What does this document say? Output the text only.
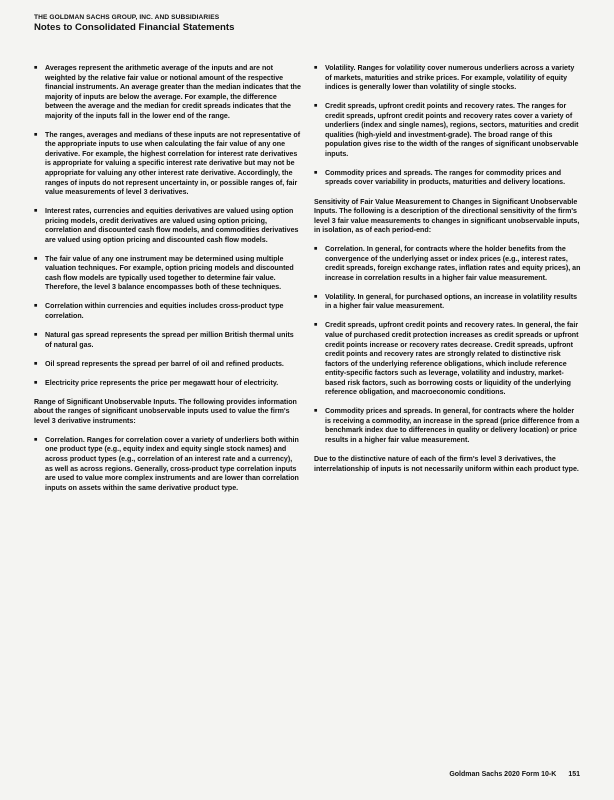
THE GOLDMAN SACHS GROUP, INC. AND SUBSIDIARIES
Notes to Consolidated Financial Statements
■ Averages represent the arithmetic average of the inputs and are not weighted by the relative fair value or notional amount of the respective financial instruments. An average greater than the median indicates that the majority of inputs are below the average. For example, the difference between the average and the median for credit spreads indicates that the majority of the inputs fall in the lower end of the range.
■ The ranges, averages and medians of these inputs are not representative of the appropriate inputs to use when calculating the fair value of any one derivative. For example, the highest correlation for interest rate derivatives is appropriate for valuing a specific interest rate derivative but may not be appropriate for valuing any other interest rate derivative. Accordingly, the ranges of inputs do not represent uncertainty in, or possible ranges of, fair value measurements of level 3 derivatives.
■ Interest rates, currencies and equities derivatives are valued using option pricing models, credit derivatives are valued using option pricing, correlation and discounted cash flow models, and commodities derivatives are valued using option pricing and discounted cash flow models.
■ The fair value of any one instrument may be determined using multiple valuation techniques. For example, option pricing models and discounted cash flow models are typically used together to determine fair value. Therefore, the level 3 balance encompasses both of these techniques.
■ Correlation within currencies and equities includes cross-product type correlation.
■ Natural gas spread represents the spread per million British thermal units of natural gas.
■ Oil spread represents the spread per barrel of oil and refined products.
■ Electricity price represents the price per megawatt hour of electricity.

Range of Significant Unobservable Inputs. The following provides information about the ranges of significant unobservable inputs used to value the firm's level 3 derivative instruments:

■ Correlation. Ranges for correlation cover a variety of underliers both within one product type (e.g., equity index and equity single stock names) and across product types (e.g., correlation of an interest rate and a currency), as well as across regions. Generally, cross-product type correlation inputs are used to value more complex instruments and are lower than correlation inputs on assets within the same derivative product type.
■ Volatility. Ranges for volatility cover numerous underliers across a variety of markets, maturities and strike prices. For example, volatility of equity indices is generally lower than volatility of single stocks.
■ Credit spreads, upfront credit points and recovery rates. The ranges for credit spreads, upfront credit points and recovery rates cover a variety of underliers (index and single names), regions, sectors, maturities and credit qualities (high-yield and investment-grade). The broad range of this population gives rise to the width of the ranges of significant unobservable inputs.
■ Commodity prices and spreads. The ranges for commodity prices and spreads cover variability in products, maturities and delivery locations.

Sensitivity of Fair Value Measurement to Changes in Significant Unobservable Inputs. The following is a description of the directional sensitivity of the firm's level 3 fair value measurements to changes in significant unobservable inputs, in isolation, as of each period-end:

■ Correlation. In general, for contracts where the holder benefits from the convergence of the underlying asset or index prices (e.g., interest rates, credit spreads, foreign exchange rates, inflation rates and equity prices), an increase in correlation results in a higher fair value measurement.
■ Volatility. In general, for purchased options, an increase in volatility results in a higher fair value measurement.
■ Credit spreads, upfront credit points and recovery rates. In general, the fair value of purchased credit protection increases as credit spreads or upfront credit points increase or recovery rates decrease. Credit spreads, upfront credit points and recovery rates are strongly related to distinctive risk factors of the underlying reference obligations, which include reference entity-specific factors such as leverage, volatility and industry, market-based risk factors, such as borrowing costs or liquidity of the underlying reference obligation, and macroeconomic conditions.
■ Commodity prices and spreads. In general, for contracts where the holder is receiving a commodity, an increase in the spread (price difference from a benchmark index due to differences in quality or delivery location) or price results in a higher fair value measurement.

Due to the distinctive nature of each of the firm's level 3 derivatives, the interrelationship of inputs is not necessarily uniform within each product type.

Goldman Sachs 2020 Form 10-K 151
